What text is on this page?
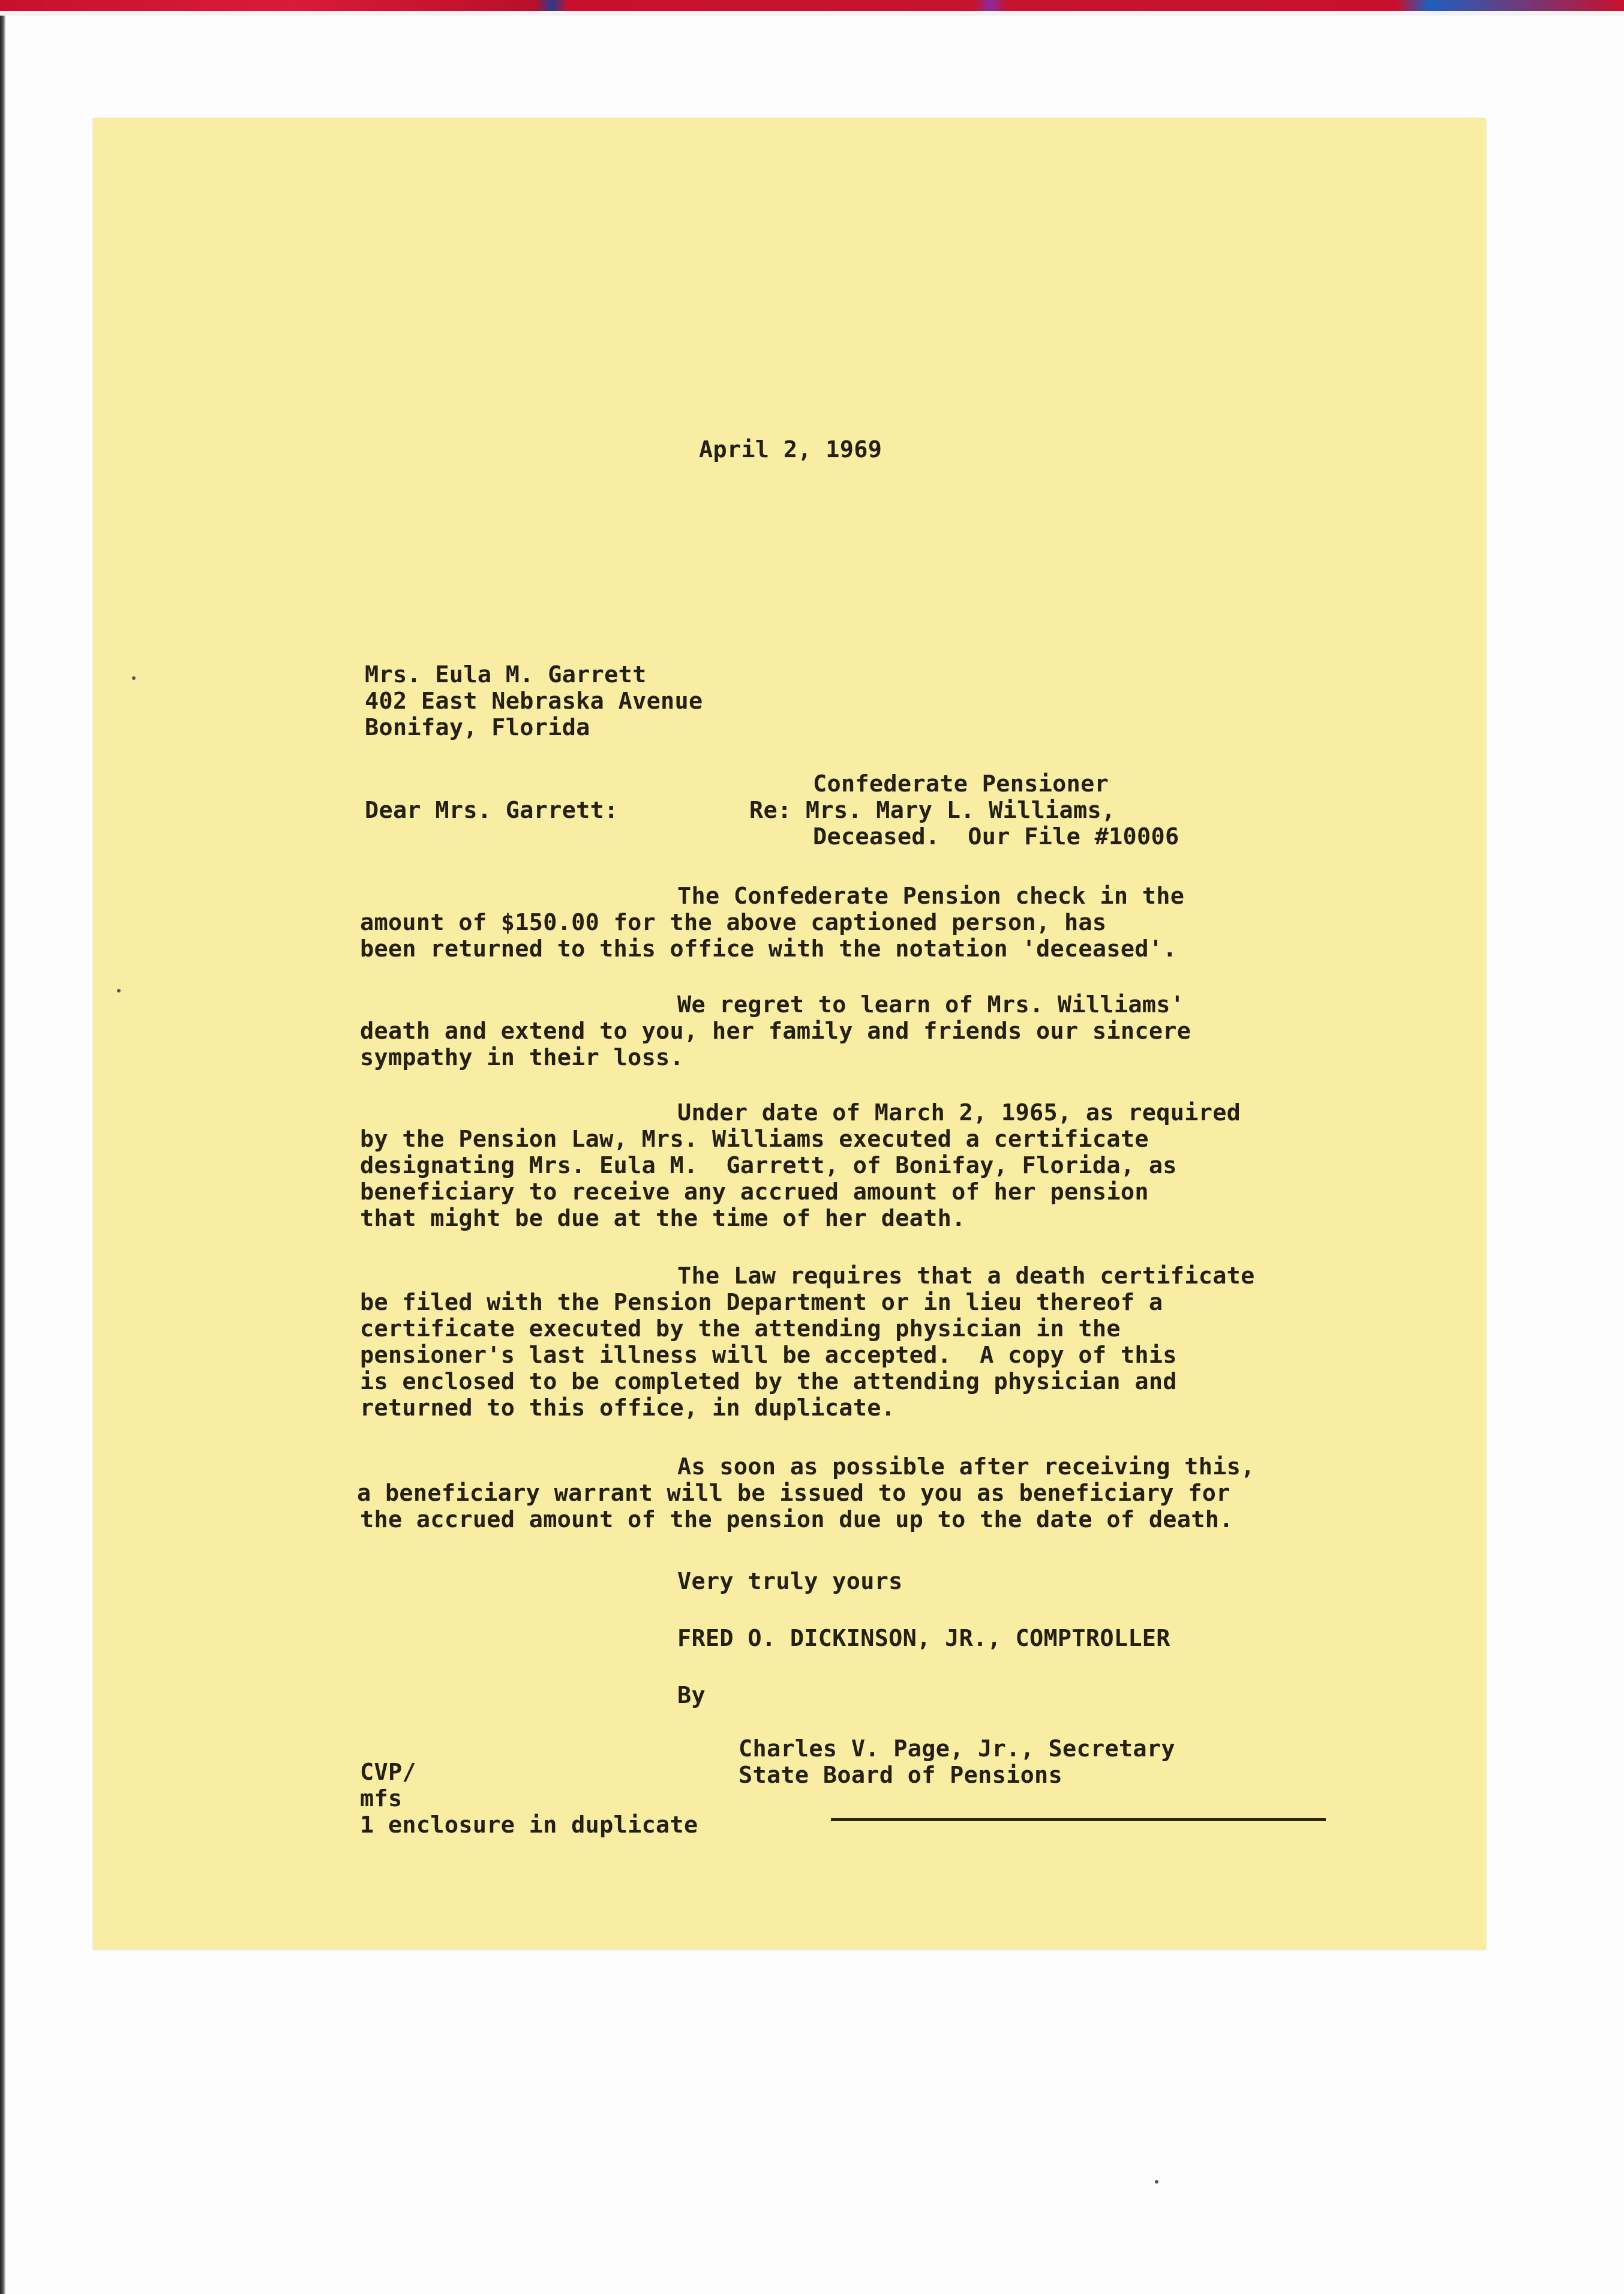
April 2, 1969
Mrs. Eula M. Garrett
402 East Nebraska Avenue
Bonifay, Florida
Confederate Pensioner
Dear Mrs. Garrett:	Re: Mrs. Mary L. Williams,
Deceased.  Our File #10006
The Confederate Pension check in the
amount of $150.00 for the above captioned person, has
been returned to this office with the notation 'deceased'.
We regret to learn of Mrs. Williams'
death and extend to you, her family and friends our sincere
sympathy in their loss.
Under date of March 2, 1965, as required
by the Pension Law, Mrs. Williams executed a certificate
designating Mrs. Eula M.  Garrett, of Bonifay, Florida, as
beneficiary to receive any accrued amount of her pension
that might be due at the time of her death.
The Law requires that a death certificate
be filed with the Pension Department or in lieu thereof a
certificate executed by the attending physician in the
pensioner's last illness will be accepted.  A copy of this
is enclosed to be completed by the attending physician and
returned to this office, in duplicate.
As soon as possible after receiving this,
a beneficiary warrant will be issued to you as beneficiary for
the accrued amount of the pension due up to the date of death.
Very truly yours
FRED O. DICKINSON, JR., COMPTROLLER
By
Charles V. Page, Jr., Secretary
State Board of Pensions
CVP/
mfs
1 enclosure in duplicate
